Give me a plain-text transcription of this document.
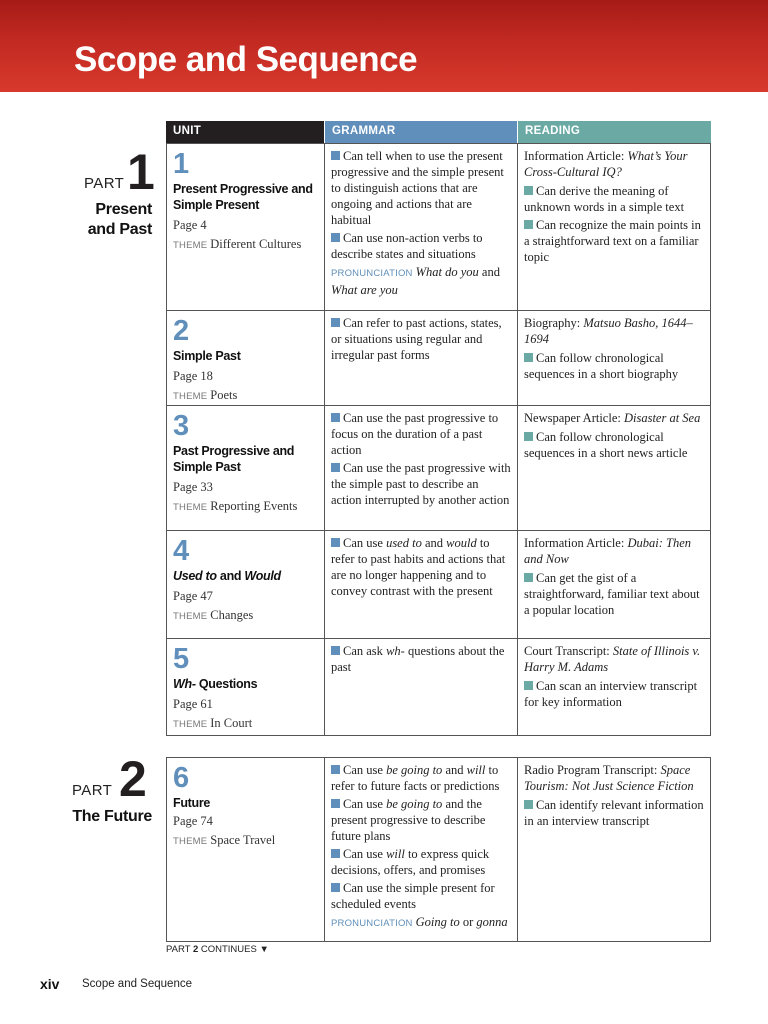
Scope and Sequence
UNIT	GRAMMAR	READING
PART 1
Present
and Past
PART 2
The Future
1
Present Progressive and
Simple Present
Page 4
THEME Different Cultures
Can tell when to use the present progressive and the simple present to distinguish actions that are ongoing and actions that are habitual
Can use non-action verbs to describe states and situations
PRONUNCIATION What do you and What are you
Information Article: What’s Your Cross-Cultural IQ?
Can derive the meaning of unknown words in a simple text
Can recognize the main points in a straightforward text on a familiar topic
2
Simple Past
Page 18
THEME Poets
Can refer to past actions, states, or situations using regular and irregular past forms
Biography: Matsuo Basho, 1644–1694
Can follow chronological sequences in a short biography
3
Past Progressive and
Simple Past
Page 33
THEME Reporting Events
Can use the past progressive to focus on the duration of a past action
Can use the past progressive with the simple past to describe an action interrupted by another action
Newspaper Article: Disaster at Sea
Can follow chronological sequences in a short news article
4
Used to and Would
Page 47
THEME Changes
Can use used to and would to refer to past habits and actions that are no longer happening and to convey contrast with the present
Information Article: Dubai: Then and Now
Can get the gist of a straightforward, familiar text about a popular location
5
Wh- Questions
Page 61
THEME In Court
Can ask wh- questions about the past
Court Transcript: State of Illinois v. Harry M. Adams
Can scan an interview transcript for key information
6
Future
Page 74
THEME Space Travel
Can use be going to and will to refer to future facts or predictions
Can use be going to and the present progressive to describe future plans
Can use will to express quick decisions, offers, and promises
Can use the simple present for scheduled events
PRONUNCIATION Going to or gonna
Radio Program Transcript: Space Tourism: Not Just Science Fiction
Can identify relevant information in an interview transcript
PART 2 CONTINUES ▼
xiv Scope and Sequence
